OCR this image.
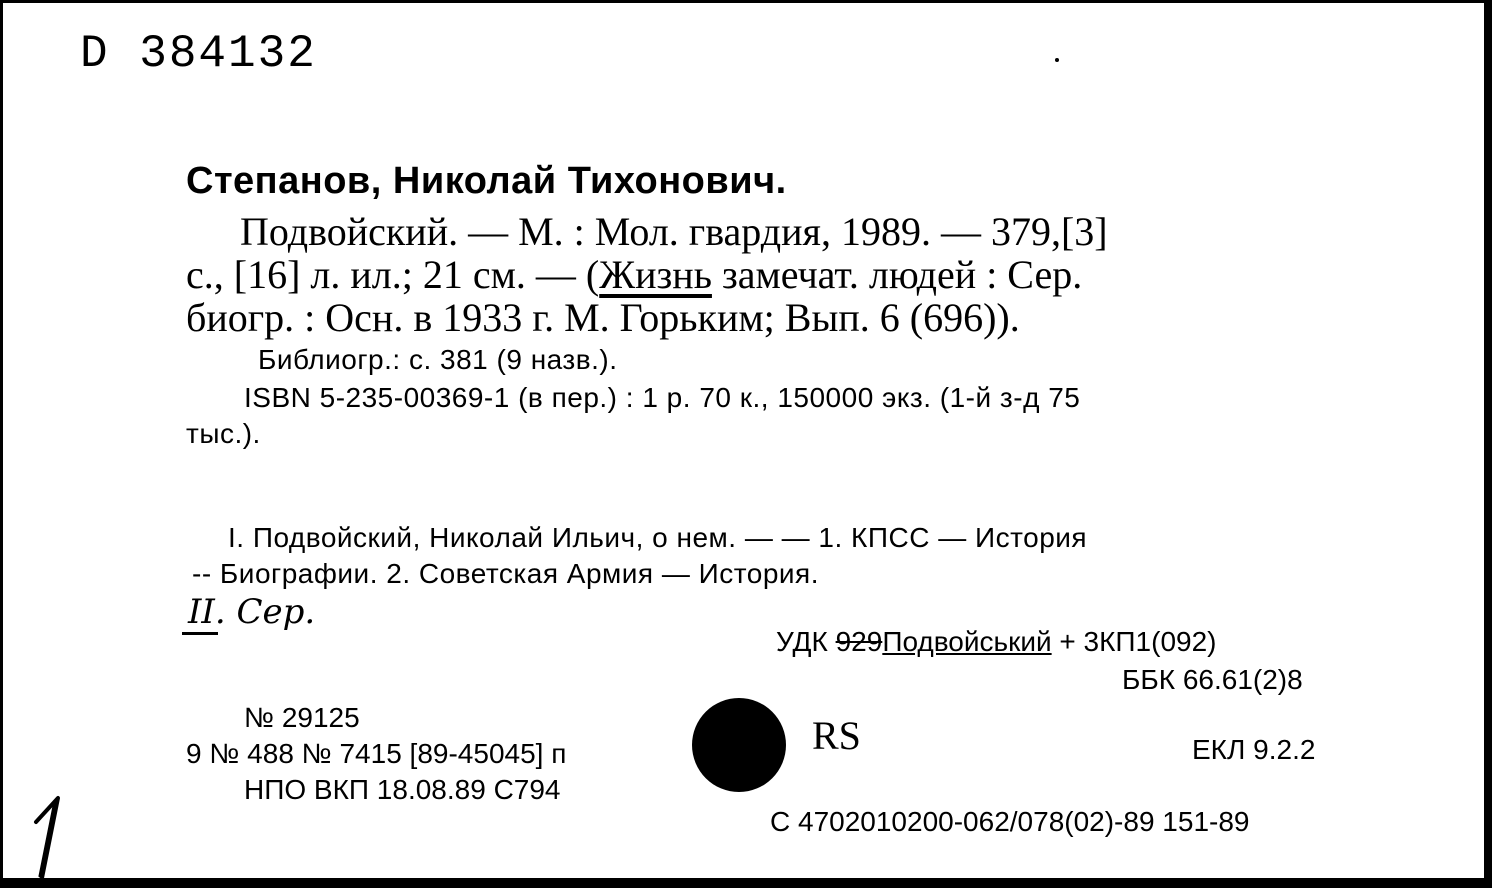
D 384132
Степанов, Николай Тихонович.
Подвойский. — М. : Мол. гвардия, 1989. — 379,[3]
с., [16] л. ил.; 21 см. — (Жизнь замечат. людей : Сер.
биогр. : Осн. в 1933 г. М. Горьким; Вып. 6 (696)).
Библиогр.: с. 381 (9 назв.).
ISBN 5-235-00369-1 (в пер.) : 1 р. 70 к., 150000 экз. (1-й з-д 75
тыс.).
I. Подвойский, Николай Ильич, о нем. — — 1. КПСС — История
-- Биографии. 2. Советская Армия — История.
II. Сер.
УДК 929Подвойський + 3КП1(092)
ББК 66.61(2)8
№ 29125
9 № 488 № 7415 [89-45045] п
НПО ВКП 18.08.89 С794
RS	ЕКЛ 9.2.2
С 4702010200-062/078(02)-89 151-89
